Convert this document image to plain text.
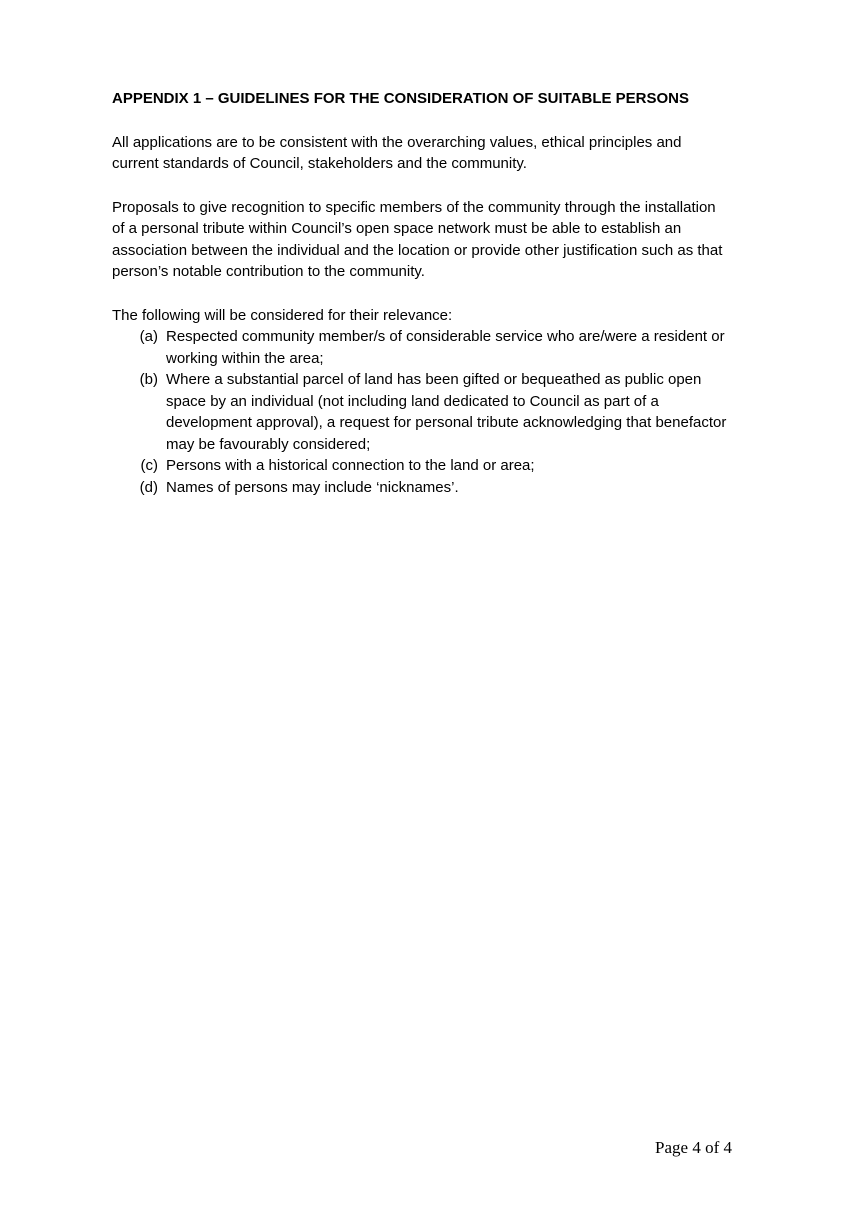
APPENDIX 1 – GUIDELINES FOR THE CONSIDERATION OF SUITABLE PERSONS

All applications are to be consistent with the overarching values, ethical principles and current standards of Council, stakeholders and the community.

Proposals to give recognition to specific members of the community through the installation of a personal tribute within Council’s open space network must be able to establish an association between the individual and the location or provide other justification such as that person’s notable contribution to the community.

The following will be considered for their relevance:

(a) Respected community member/s of considerable service who are/were a resident or working within the area;
(b) Where a substantial parcel of land has been gifted or bequeathed as public open space by an individual (not including land dedicated to Council as part of a development approval), a request for personal tribute acknowledging that benefactor may be favourably considered;
(c) Persons with a historical connection to the land or area;
(d) Names of persons may include ‘nicknames’.
Page 4 of 4
